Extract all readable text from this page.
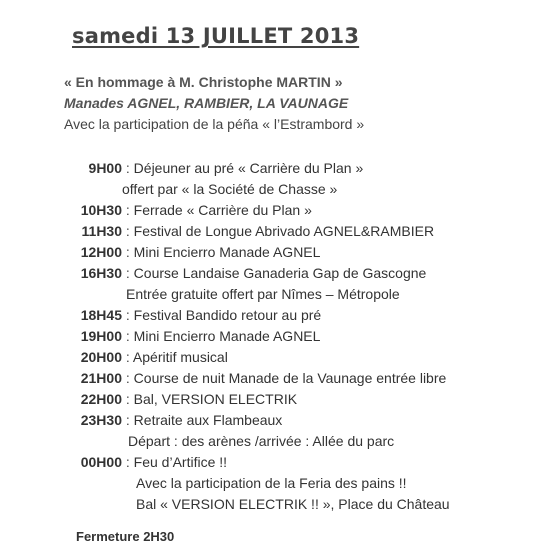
samedi 13 JUILLET 2013
« En hommage à M. Christophe MARTIN »
Manades AGNEL, RAMBIER, LA VAUNAGE
Avec la participation de la péña « l’Estrambord »
9H00 : Déjeuner au pré « Carrière du Plan »
offert par « la Société de Chasse »
10H30 : Ferrade « Carrière du Plan »
11H30 : Festival de Longue Abrivado AGNEL&RAMBIER
12H00 : Mini Encierro Manade AGNEL
16H30 : Course Landaise Ganaderia Gap de Gascogne
Entrée gratuite offert par Nîmes – Métropole
18H45 : Festival Bandido retour au pré
19H00 : Mini Encierro Manade AGNEL
20H00 : Apéritif musical
21H00 : Course de nuit Manade de la Vaunage entrée libre
22H00 : Bal, VERSION ELECTRIK
23H30 : Retraite aux Flambeaux
Départ : des arènes /arrivée : Allée du parc
00H00 : Feu d’Artifice !!
Avec la participation de la Feria des pains !!
Bal « VERSION ELECTRIK !! », Place du Château
Fermeture 2H30
